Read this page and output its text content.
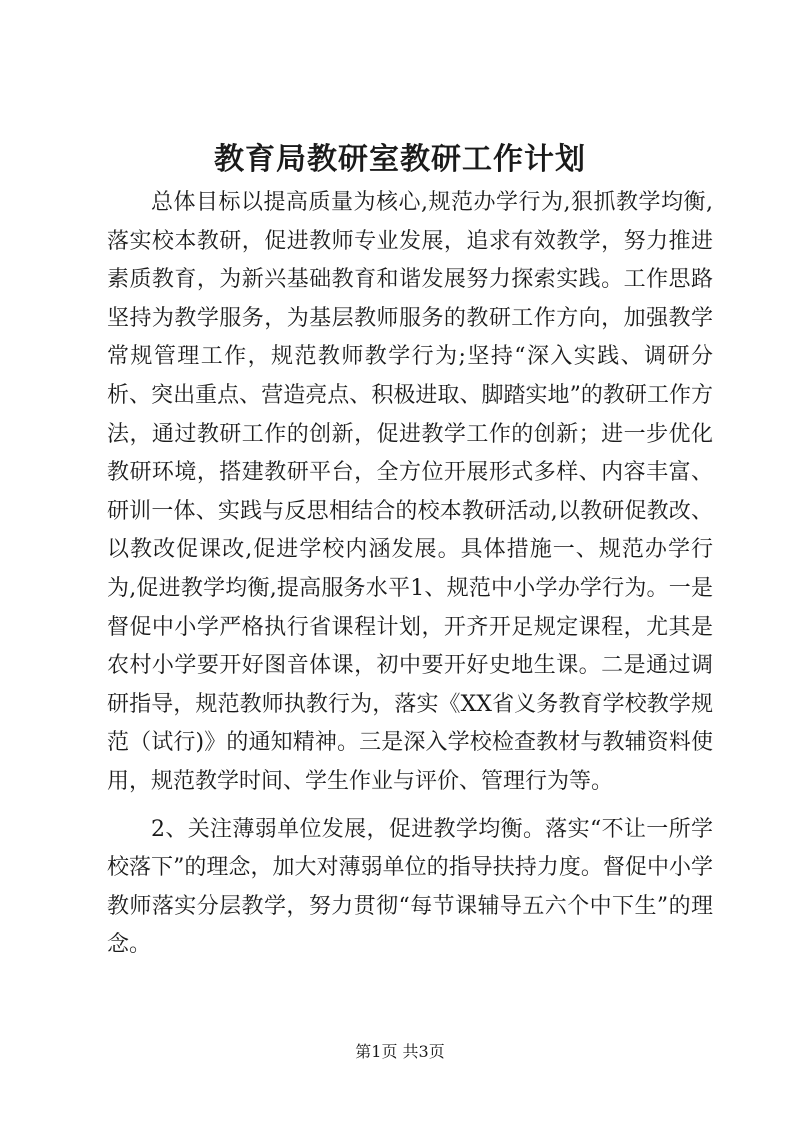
教育局教研室教研工作计划

总体目标以提高质量为核心,规范办学行为,狠抓教学均衡,落实校本教研，促进教师专业发展，追求有效教学，努力推进素质教育，为新兴基础教育和谐发展努力探索实践。工作思路坚持为教学服务，为基层教师服务的教研工作方向，加强教学常规管理工作，规范教师教学行为;坚持“深入实践、调研分析、突出重点、营造亮点、积极进取、脚踏实地”的教研工作方法，通过教研工作的创新，促进教学工作的创新；进一步优化教研环境，搭建教研平台，全方位开展形式多样、内容丰富、研训一体、实践与反思相结合的校本教研活动,以教研促教改、以教改促课改,促进学校内涵发展。具体措施一、规范办学行为,促进教学均衡,提高服务水平1、规范中小学办学行为。一是督促中小学严格执行省课程计划，开齐开足规定课程，尤其是农村小学要开好图音体课，初中要开好史地生课。二是通过调研指导，规范教师执教行为，落实《XX省义务教育学校教学规范（试行)》的通知精神。三是深入学校检查教材与教辅资料使用，规范教学时间、学生作业与评价、管理行为等。

2、关注薄弱单位发展，促进教学均衡。落实“不让一所学校落下”的理念，加大对薄弱单位的指导扶持力度。督促中小学教师落实分层教学，努力贯彻“每节课辅导五六个中下生”的理念。

第1页 共3页
